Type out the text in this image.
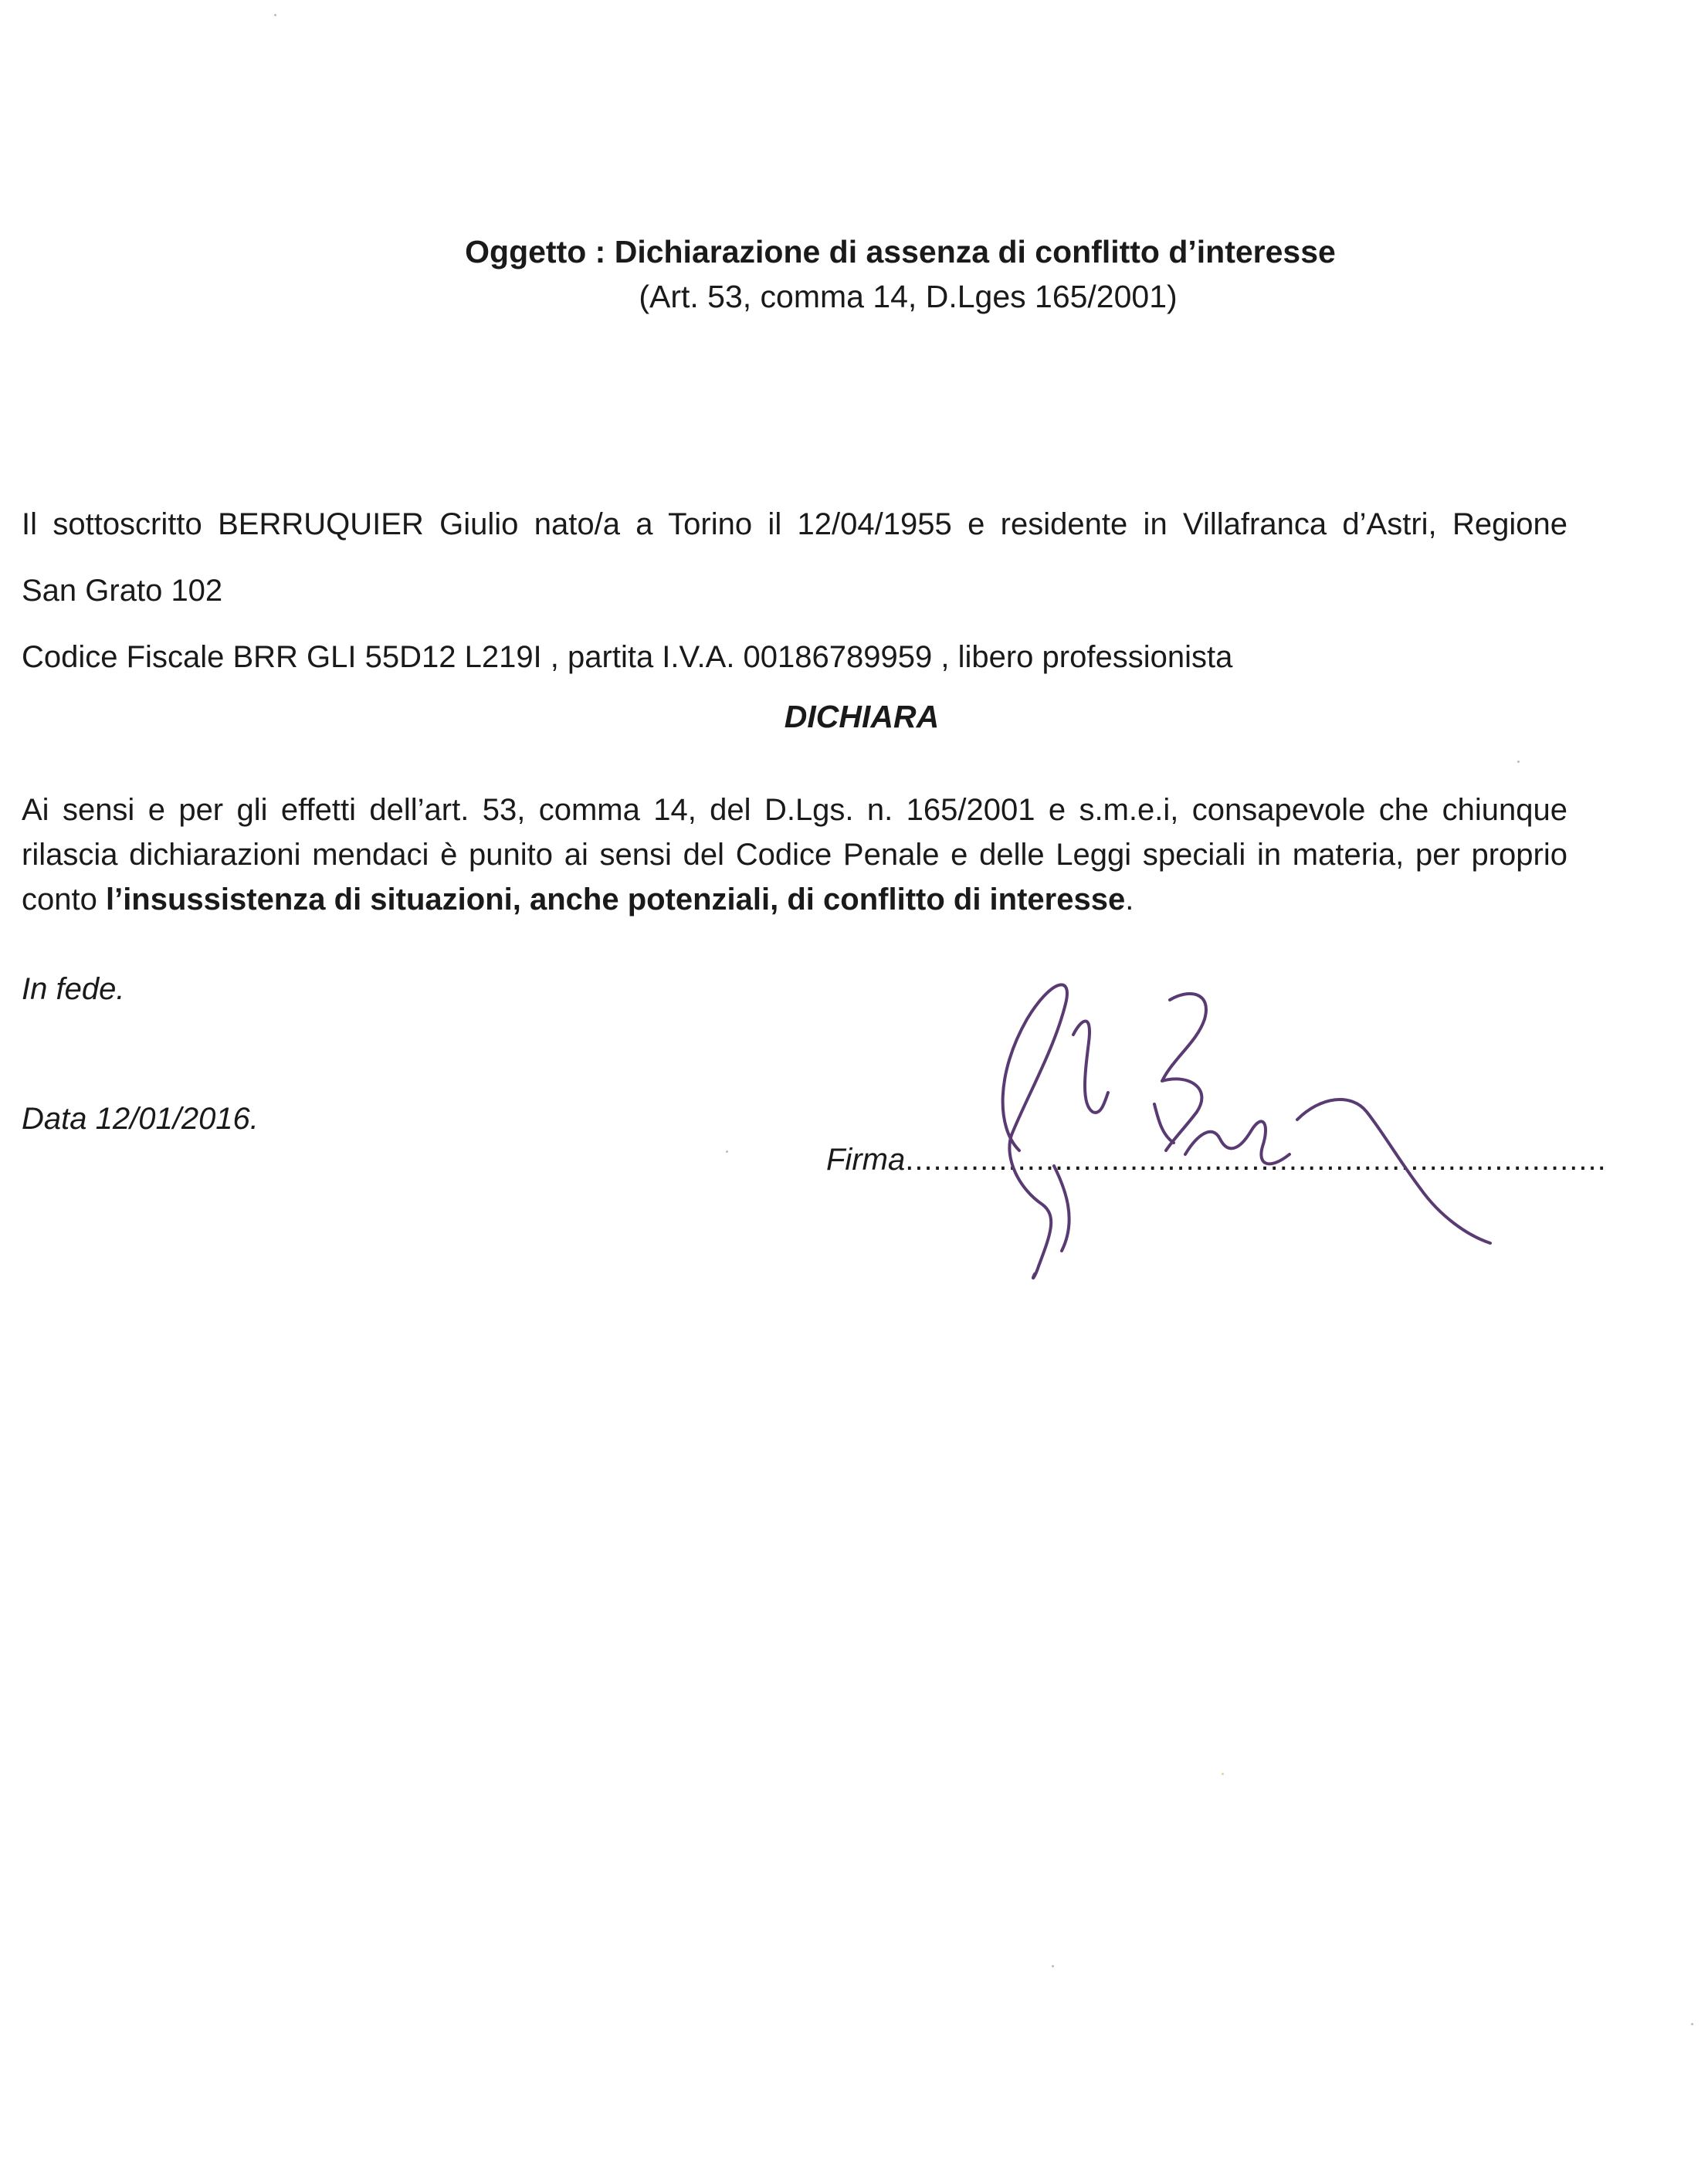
Oggetto : Dichiarazione di assenza di conflitto d’interesse
(Art. 53, comma 14, D.Lges 165/2001)
Il sottoscritto BERRUQUIER Giulio nato/a a Torino il 12/04/1955 e residente in Villafranca d’Astri, Regione
San Grato 102
Codice Fiscale BRR GLI 55D12 L219I , partita I.V.A. 00186789959 , libero professionista
DICHIARA
Ai sensi e per gli effetti dell’art. 53, comma 14, del D.Lgs. n. 165/2001 e s.m.e.i, consapevole che chiunque
rilascia dichiarazioni mendaci è punito ai sensi del Codice Penale e delle Leggi speciali in materia, per proprio
conto l’insussistenza di situazioni, anche potenziali, di conflitto di interesse.
In fede.
Data 12/01/2016.
Firma...........................................................................
